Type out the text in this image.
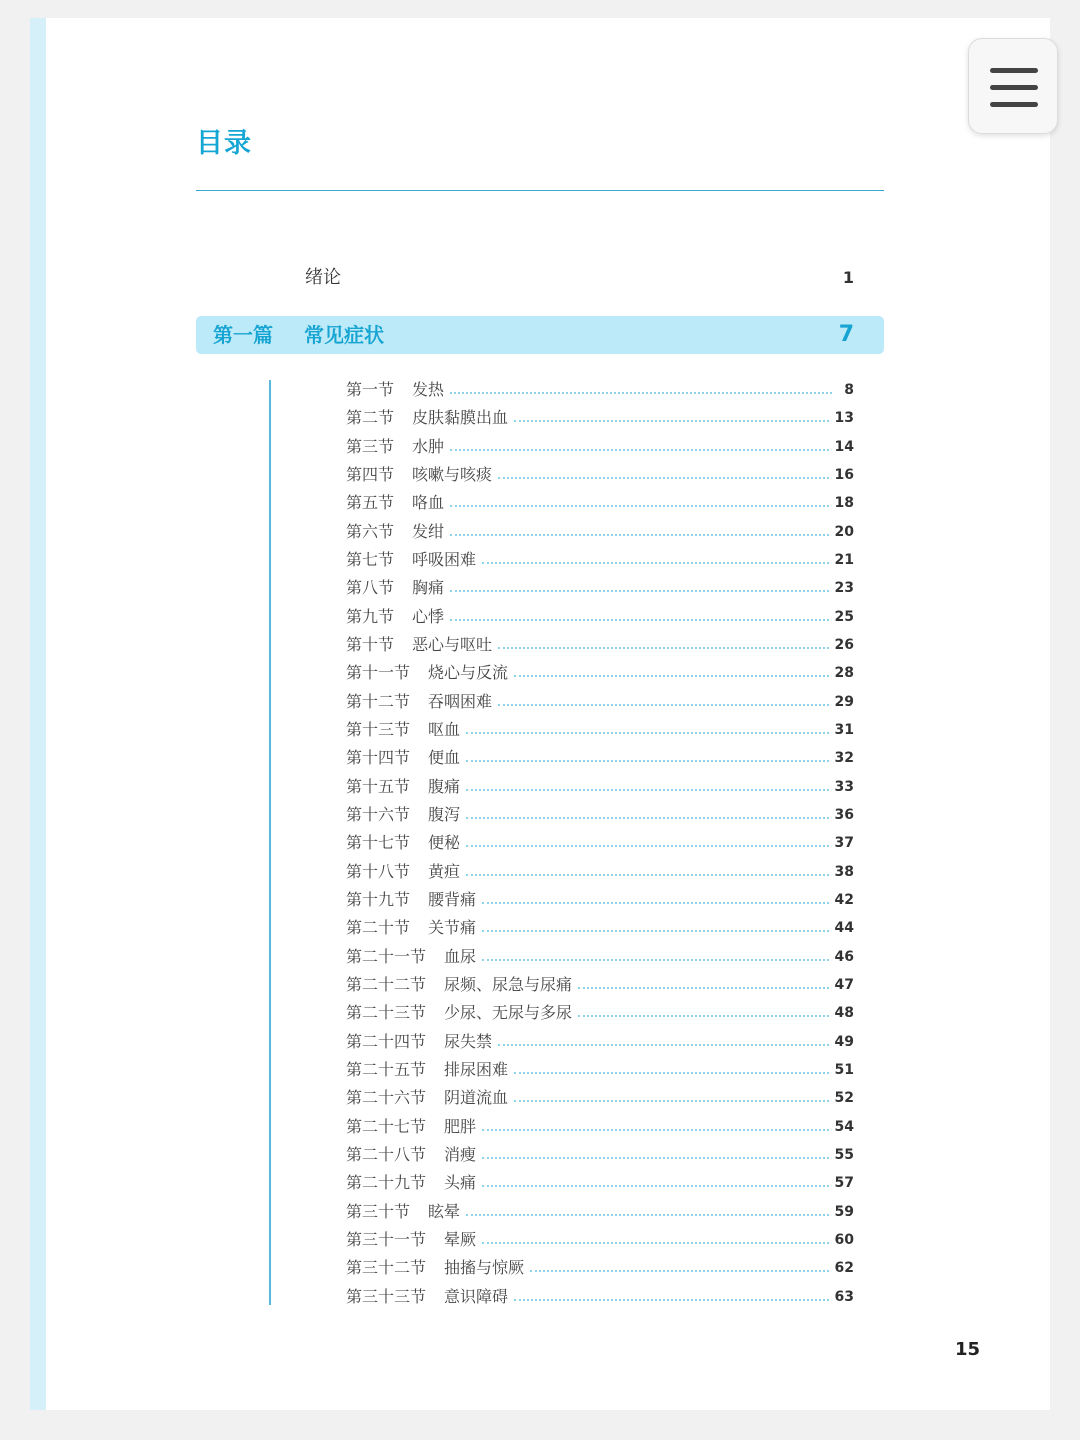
目录
绪论	1
第一篇 常见症状	7
第一节 发热	8
第二节 皮肤黏膜出血	13
第三节 水肿	14
第四节 咳嗽与咳痰	16
第五节 咯血	18
第六节 发绀	20
第七节 呼吸困难	21
第八节 胸痛	23
第九节 心悸	25
第十节 恶心与呕吐	26
第十一节 烧心与反流	28
第十二节 吞咽困难	29
第十三节 呕血	31
第十四节 便血	32
第十五节 腹痛	33
第十六节 腹泻	36
第十七节 便秘	37
第十八节 黄疸	38
第十九节 腰背痛	42
第二十节 关节痛	44
第二十一节 血尿	46
第二十二节 尿频、尿急与尿痛	47
第二十三节 少尿、无尿与多尿	48
第二十四节 尿失禁	49
第二十五节 排尿困难	51
第二十六节 阴道流血	52
第二十七节 肥胖	54
第二十八节 消瘦	55
第二十九节 头痛	57
第三十节 眩晕	59
第三十一节 晕厥	60
第三十二节 抽搐与惊厥	62
第三十三节 意识障碍	63
15
